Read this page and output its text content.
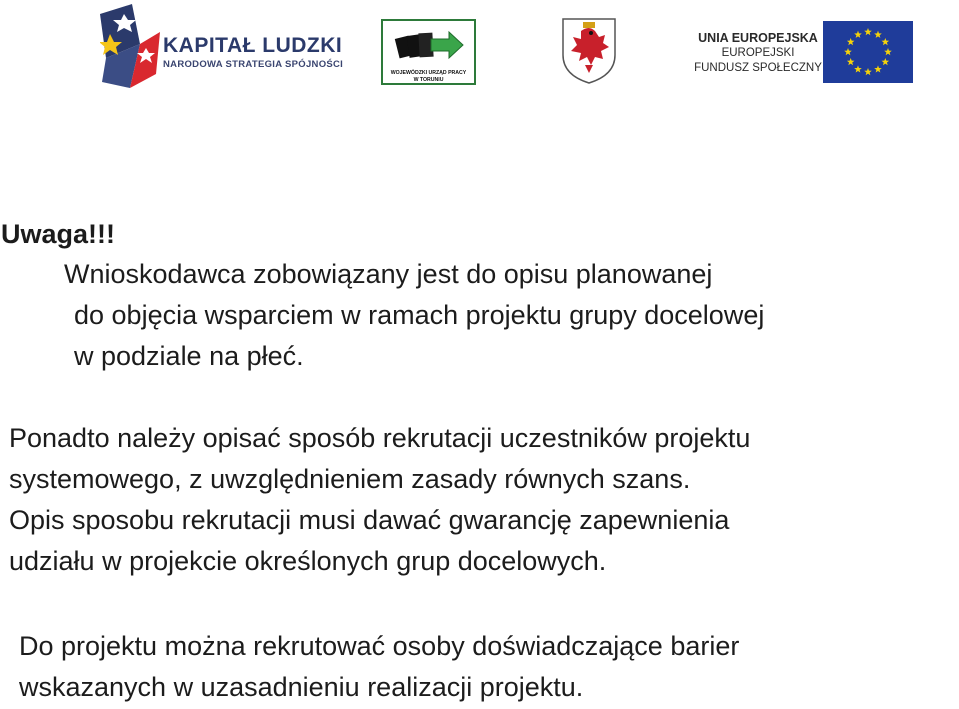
KAPITAŁ LUDZKI
NARODOWA STRATEGIA SPÓJNOŚCI
WOJEWÓDZKI URZĄD PRACY
W TORUNIU
UNIA EUROPEJSKA
EUROPEJSKI
FUNDUSZ SPOŁECZNY
Uwaga!!!
Wnioskodawca zobowiązany jest do opisu planowanej
do objęcia wsparciem w ramach projektu grupy docelowej
w podziale na płeć.
Ponadto należy opisać sposób rekrutacji uczestników projektu
systemowego, z uwzględnieniem zasady równych szans.
Opis sposobu rekrutacji musi dawać gwarancję zapewnienia
udziału w projekcie określonych grup docelowych.
Do projektu można rekrutować osoby doświadczające barier
wskazanych w uzasadnieniu realizacji projektu.
